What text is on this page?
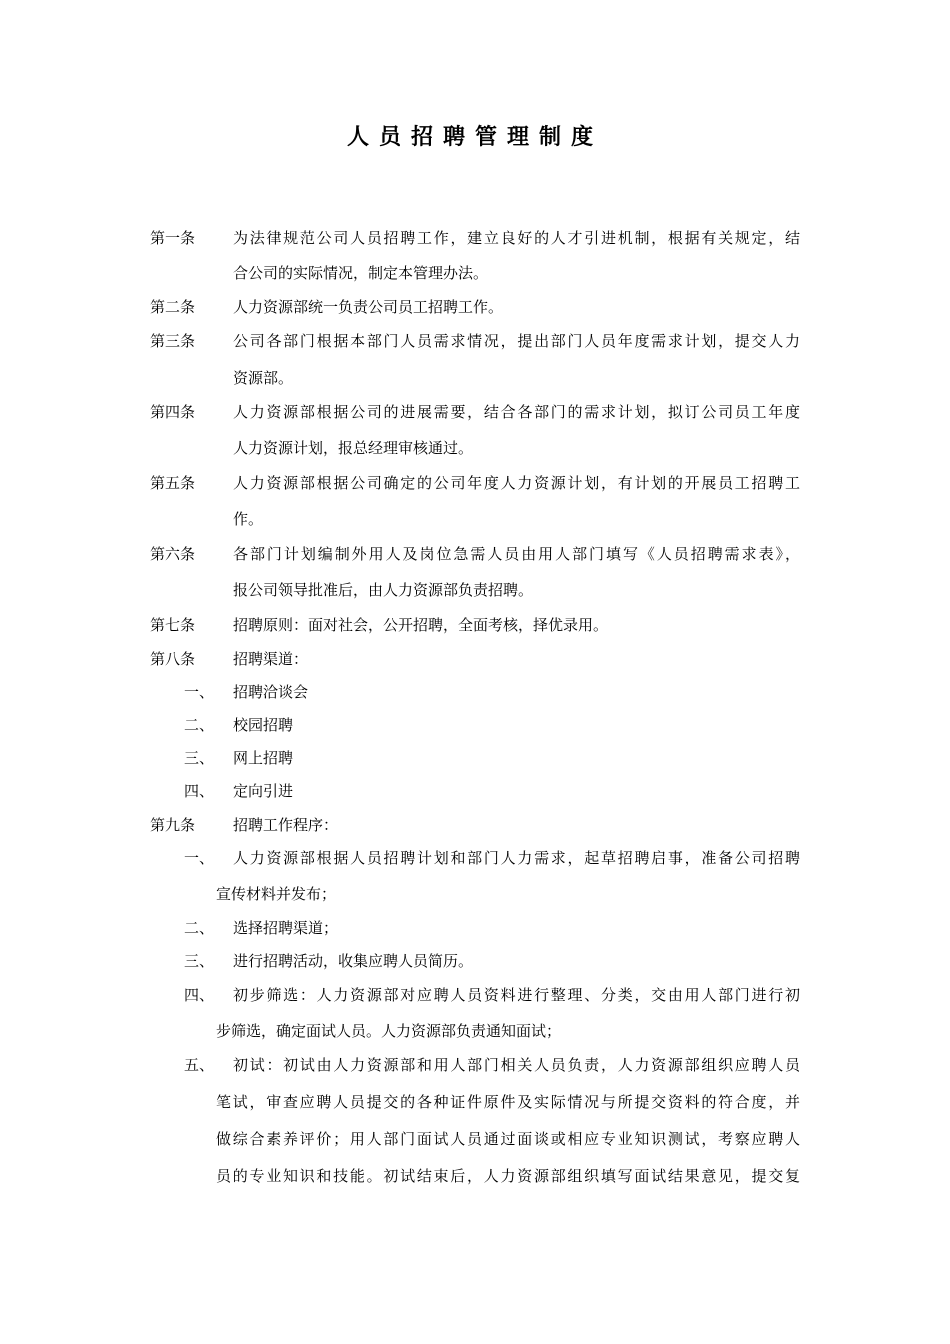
人员招聘管理制度
第一条	为法律规范公司人员招聘工作，建立良好的人才引进机制，根据有关规定，结
合公司的实际情况，制定本管理办法。
第二条	人力资源部统一负责公司员工招聘工作。
第三条	公司各部门根据本部门人员需求情况，提出部门人员年度需求计划，提交人力
资源部。
第四条	人力资源部根据公司的进展需要，结合各部门的需求计划，拟订公司员工年度
人力资源计划，报总经理审核通过。
第五条	人力资源部根据公司确定的公司年度人力资源计划，有计划的开展员工招聘工
作。
第六条	各部门计划编制外用人及岗位急需人员由用人部门填写《人员招聘需求表》，
报公司领导批准后，由人力资源部负责招聘。
第七条	招聘原则：面对社会，公开招聘，全面考核，择优录用。
第八条	招聘渠道：
一、	招聘洽谈会
二、	校园招聘
三、	网上招聘
四、	定向引进
第九条	招聘工作程序：
一、	人力资源部根据人员招聘计划和部门人力需求，起草招聘启事，准备公司招聘
宣传材料并发布；
二、	选择招聘渠道；
三、	进行招聘活动，收集应聘人员简历。
四、	初步筛选：人力资源部对应聘人员资料进行整理、分类，交由用人部门进行初
步筛选，确定面试人员。人力资源部负责通知面试；
五、	初试：初试由人力资源部和用人部门相关人员负责，人力资源部组织应聘人员
笔试，审查应聘人员提交的各种证件原件及实际情况与所提交资料的符合度，并
做综合素养评价；用人部门面试人员通过面谈或相应专业知识测试，考察应聘人
员的专业知识和技能。初试结束后，人力资源部组织填写面试结果意见，提交复
